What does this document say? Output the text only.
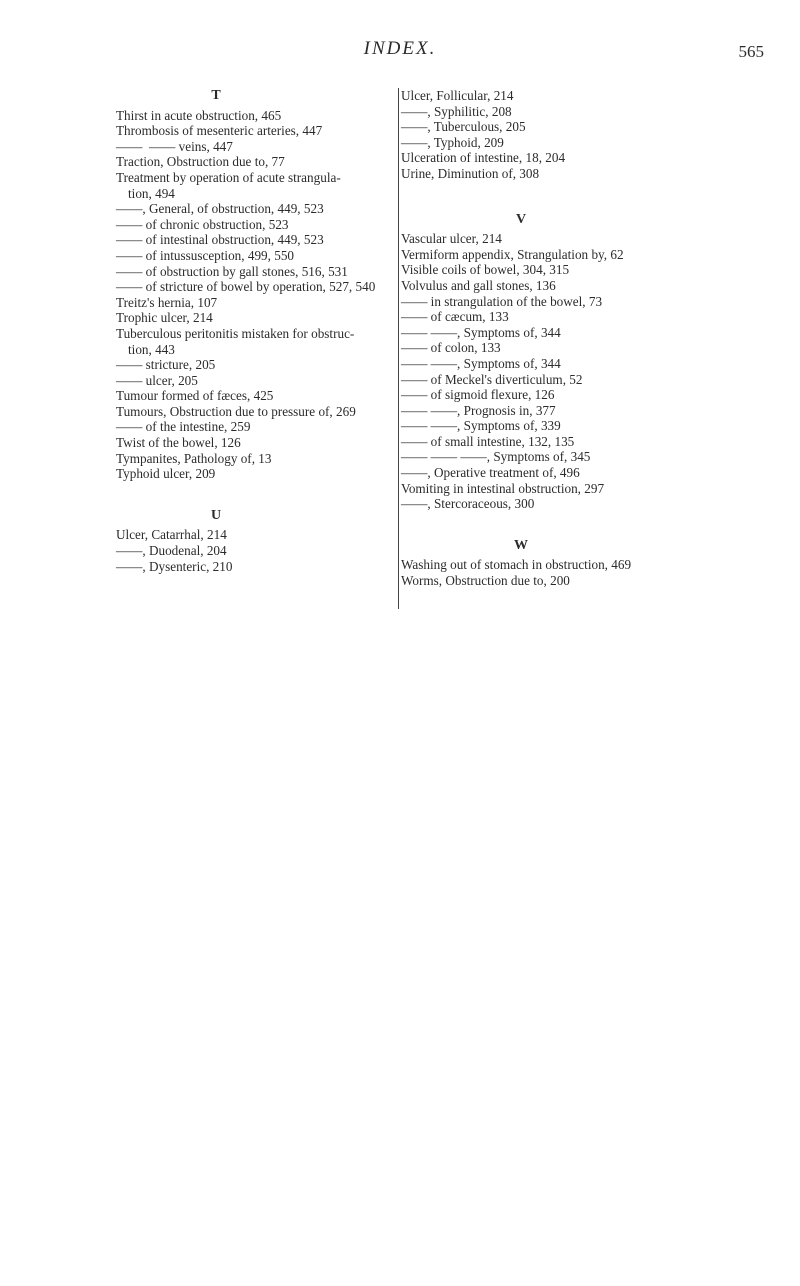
INDEX.	565
T
Thirst in acute obstruction, 465
Thrombosis of mesenteric arteries, 447
——  —— veins, 447
Traction, Obstruction due to, 77
Treatment by operation of acute strangula-
tion, 494
——, General, of obstruction, 449, 523
—— of chronic obstruction, 523
—— of intestinal obstruction, 449, 523
—— of intussusception, 499, 550
—— of obstruction by gall stones, 516, 531
—— of stricture of bowel by operation, 527, 540
Treitz's hernia, 107
Trophic ulcer, 214
Tuberculous peritonitis mistaken for obstruc-
tion, 443
—— stricture, 205
—— ulcer, 205
Tumour formed of fæces, 425
Tumours, Obstruction due to pressure of, 269
—— of the intestine, 259
Twist of the bowel, 126
Tympanites, Pathology of, 13
Typhoid ulcer, 209
U
Ulcer, Catarrhal, 214
——, Duodenal, 204
——, Dysenteric, 210
Ulcer, Follicular, 214
——, Syphilitic, 208
——, Tuberculous, 205
——, Typhoid, 209
Ulceration of intestine, 18, 204
Urine, Diminution of, 308
V
Vascular ulcer, 214
Vermiform appendix, Strangulation by, 62
Visible coils of bowel, 304, 315
Volvulus and gall stones, 136
—— in strangulation of the bowel, 73
—— of cæcum, 133
—— ——, Symptoms of, 344
—— of colon, 133
—— ——, Symptoms of, 344
—— of Meckel's diverticulum, 52
—— of sigmoid flexure, 126
—— ——, Prognosis in, 377
—— ——, Symptoms of, 339
—— of small intestine, 132, 135
—— —— ——, Symptoms of, 345
——, Operative treatment of, 496
Vomiting in intestinal obstruction, 297
——, Stercoraceous, 300
W
Washing out of stomach in obstruction, 469
Worms, Obstruction due to, 200
